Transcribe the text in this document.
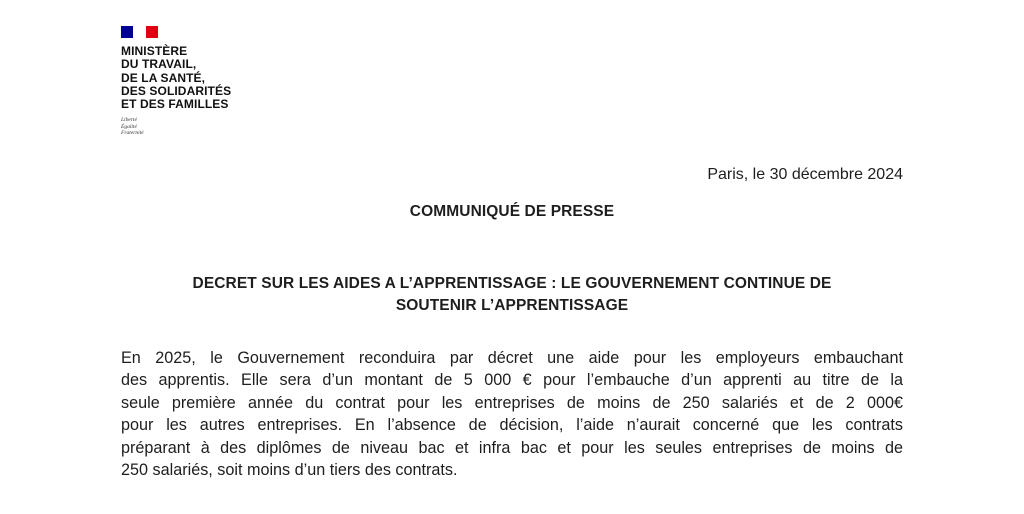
MINISTÈRE
DU TRAVAIL,
DE LA SANTÉ,
DES SOLIDARITÉS
ET DES FAMILLES

Liberté
Égalité
Fraternité
Paris, le 30 décembre 2024
COMMUNIQUÉ DE PRESSE
DECRET SUR LES AIDES A L’APPRENTISSAGE : LE GOUVERNEMENT CONTINUE DE
SOUTENIR L’APPRENTISSAGE
En 2025, le Gouvernement reconduira par décret une aide pour les employeurs embauchant
des apprentis. Elle sera d’un montant de 5 000 € pour l’embauche d’un apprenti au titre de la
seule première année du contrat pour les entreprises de moins de 250 salariés et de 2 000€
pour les autres entreprises. En l’absence de décision, l’aide n’aurait concerné que les contrats
préparant à des diplômes de niveau bac et infra bac et pour les seules entreprises de moins de
250 salariés, soit moins d’un tiers des contrats.
